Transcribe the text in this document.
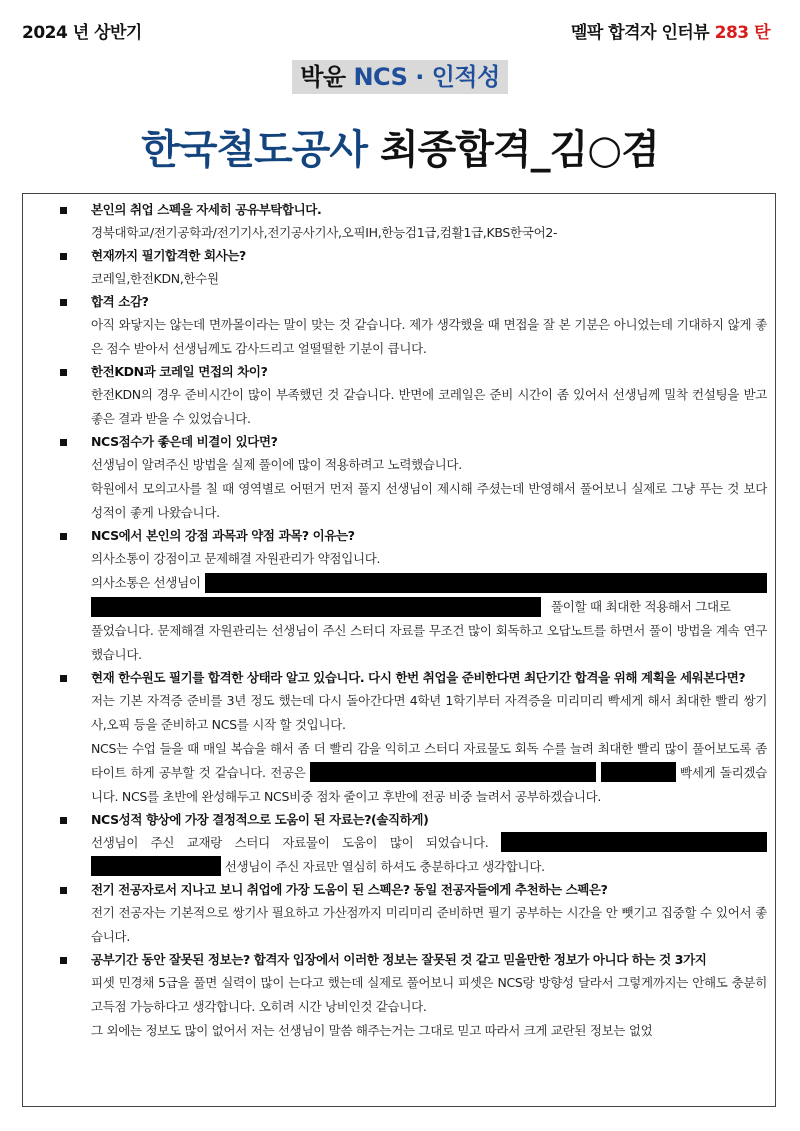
2024 년 상반기	멜팍 합격자 인터뷰 283 탄
박윤 NCS · 인적성
한국철도공사 최종합격_김○겸
본인의 취업 스펙을 자세히 공유부탁합니다.
경북대학교/전기공학과/전기기사,전기공사기사,오픽IH,한능검1급,컴활1급,KBS한국어2-
현재까지 필기합격한 회사는?
코레일,한전KDN,한수원
합격 소감?
아직 와닿지는 않는데 면까몰이라는 말이 맞는 것 같습니다. 제가 생각했을 때 면접을 잘 본 기분은 아니었는데 기대하지 않게 좋은 점수 받아서 선생님께도 감사드리고 얼떨떨한 기분이 큽니다.
한전KDN과 코레일 면접의 차이?
한전KDN의 경우 준비시간이 많이 부족했던 것 같습니다. 반면에 코레일은 준비 시간이 좀 있어서 선생님께 밀착 컨설팅을 받고 좋은 결과 받을 수 있었습니다.
NCS점수가 좋은데 비결이 있다면?
선생님이 알려주신 방법을 실제 풀이에 많이 적용하려고 노력했습니다.
학원에서 모의고사를 칠 때 영역별로 어떤거 먼저 풀지 선생님이 제시해 주셨는데 반영해서 풀어보니 실제로 그냥 푸는 것 보다 성적이 좋게 나왔습니다.
NCS에서 본인의 강점 과목과 약점 과목? 이유는?
의사소통이 강점이고 문제해결 자원관리가 약점입니다.
의사소통은 선생님이
풀이할 때 최대한 적용해서 그대로
풀었습니다. 문제해결 자원관리는 선생님이 주신 스터디 자료를 무조건 많이 회독하고 오답노트를 하면서 풀이 방법을 계속 연구했습니다.
현재 한수원도 필기를 합격한 상태라 알고 있습니다. 다시 한번 취업을 준비한다면 최단기간 합격을 위해 계획을 세워본다면?
저는 기본 자격증 준비를 3년 정도 했는데 다시 돌아간다면 4학년 1학기부터 자격증을 미리미리 빡세게 해서 최대한 빨리 쌍기사,오픽 등을 준비하고 NCS를 시작 할 것입니다.
NCS는 수업 들을 때 매일 복습을 해서 좀 더 빨리 감을 익히고 스터디 자료물도 회독 수를 늘려 최대한 빨리 많이 풀어보도록 좀 타이트 하게 공부할 것 같습니다. 전공은	빡세게 돌리겠습니다. NCS를 초반에 완성해두고 NCS비중 점차 줄이고 후반에 전공 비중 늘려서 공부하겠습니다.
NCS성적 향상에 가장 결정적으로 도움이 된 자료는?(솔직하게)
선생님이 주신 교재랑 스터디 자료물이 도움이 많이 되었습니다.   선생님이 주신 자료만 열심히 하셔도 충분하다고 생각합니다.
전기 전공자로서 지나고 보니 취업에 가장 도움이 된 스펙은? 동일 전공자들에게 추천하는 스펙은?
전기 전공자는 기본적으로 쌍기사 필요하고 가산점까지 미리미리 준비하면 필기 공부하는 시간을 안 뺏기고 집중할 수 있어서 좋습니다.
공부기간 동안 잘못된 정보는? 합격자 입장에서 이러한 정보는 잘못된 것 같고 믿을만한 정보가 아니다 하는 것 3가지
피셋 민경채 5급을 풀면 실력이 많이 는다고 했는데 실제로 풀어보니 피셋은 NCS랑 방향성 달라서 그렇게까지는 안해도 충분히 고득점 가능하다고 생각합니다. 오히려 시간 낭비인것 같습니다.
그 외에는 정보도 많이 없어서 저는 선생님이 말씀 해주는거는 그대로 믿고 따라서 크게 교란된 정보는 없었
